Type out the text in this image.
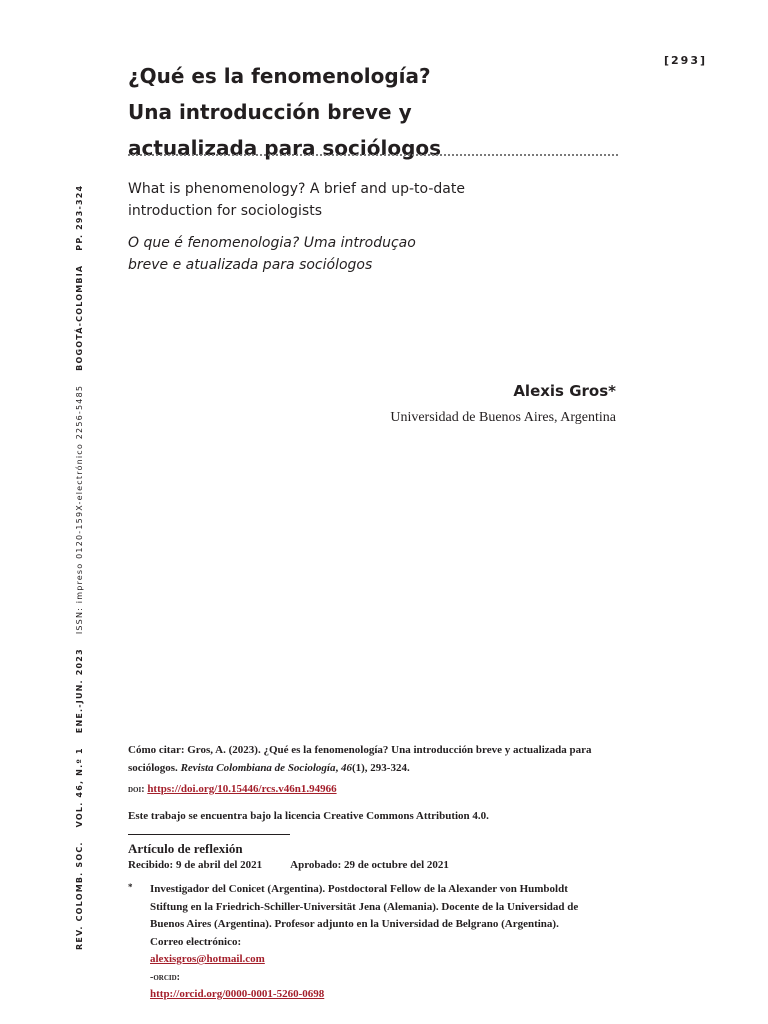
[293]
¿Qué es la fenomenología?
Una introducción breve y
actualizada para sociólogos
What is phenomenology? A brief and up-to-date
introduction for sociologists
O que é fenomenologia? Uma introduçao
breve e atualizada para sociólogos
Alexis Gros*
Universidad de Buenos Aires, Argentina
REV. COLOMB. SOC.VOL. 46, N.º 1ENE.-JUN. 2023ISSN: impreso 0120-159X-electrónico 2256-5485BOGOTÁ-COLOMBIAPP. 293-324
Cómo citar: Gros, A. (2023). ¿Qué es la fenomenología? Una introducción breve y actualizada para sociólogos. Revista Colombiana de Sociología, 46(1), 293-324.
doi: https://doi.org/10.15446/rcs.v46n1.94966
Este trabajo se encuentra bajo la licencia Creative Commons Attribution 4.0.
Artículo de reflexión
Recibido: 9 de abril del 2021	Aprobado: 29 de octubre del 2021
* Investigador del Conicet (Argentina). Postdoctoral Fellow de la Alexander von Humboldt
Stiftung en la Friedrich-Schiller-Universität Jena (Alemania). Docente de la Universidad de
Buenos Aires (Argentina). Profesor adjunto en la Universidad de Belgrano (Argentina).
Correo electrónico:
alexisgros@hotmail.com
-orcid:
http://orcid.org/0000-0001-5260-0698
